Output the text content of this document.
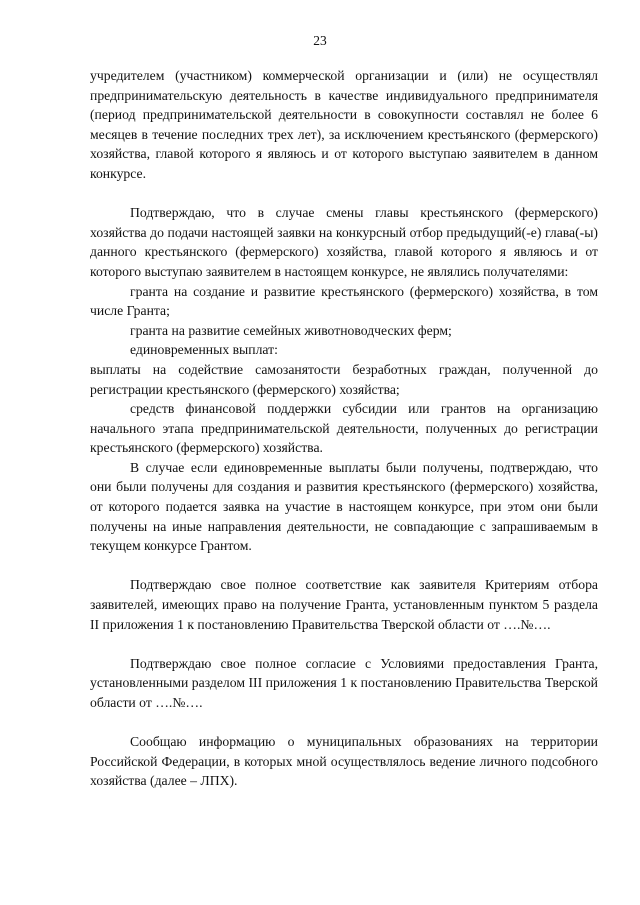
23

учредителем (участником) коммерческой организации и (или) не осуществлял предпринимательскую деятельность в качестве индивидуального предпринимателя (период предпринимательской деятельности в совокупности составлял не более 6 месяцев в течение последних трех лет), за исключением крестьянского (фермерского) хозяйства, главой которого я являюсь и от которого выступаю заявителем в данном конкурсе.

Подтверждаю, что в случае смены главы крестьянского (фермерского) хозяйства до подачи настоящей заявки на конкурсный отбор предыдущий(-е) глава(-ы) данного крестьянского (фермерского) хозяйства, главой которого я являюсь и от которого выступаю заявителем в настоящем конкурсе, не являлись получателями:

гранта на создание и развитие крестьянского (фермерского) хозяйства, в том числе Гранта;

гранта на развитие семейных животноводческих ферм;

единовременных выплат:

выплаты на содействие самозанятости безработных граждан, полученной до регистрации крестьянского (фермерского) хозяйства;

средств финансовой поддержки субсидии или грантов на организацию начального этапа предпринимательской деятельности, полученных до регистрации крестьянского (фермерского) хозяйства.

В случае если единовременные выплаты были получены, подтверждаю, что они были получены для создания и развития крестьянского (фермерского) хозяйства, от которого подается заявка на участие в настоящем конкурсе, при этом они были получены на иные направления деятельности, не совпадающие с запрашиваемым в текущем конкурсе Грантом.

Подтверждаю свое полное соответствие как заявителя Критериям отбора заявителей, имеющих право на получение Гранта, установленным пунктом 5 раздела II приложения 1 к постановлению Правительства Тверской области от ….№….

Подтверждаю свое полное согласие с Условиями предоставления Гранта, установленными разделом III приложения 1 к постановлению Правительства Тверской области от ….№….

Сообщаю информацию о муниципальных образованиях на территории Российской Федерации, в которых мной осуществлялось ведение личного подсобного хозяйства (далее – ЛПХ).
